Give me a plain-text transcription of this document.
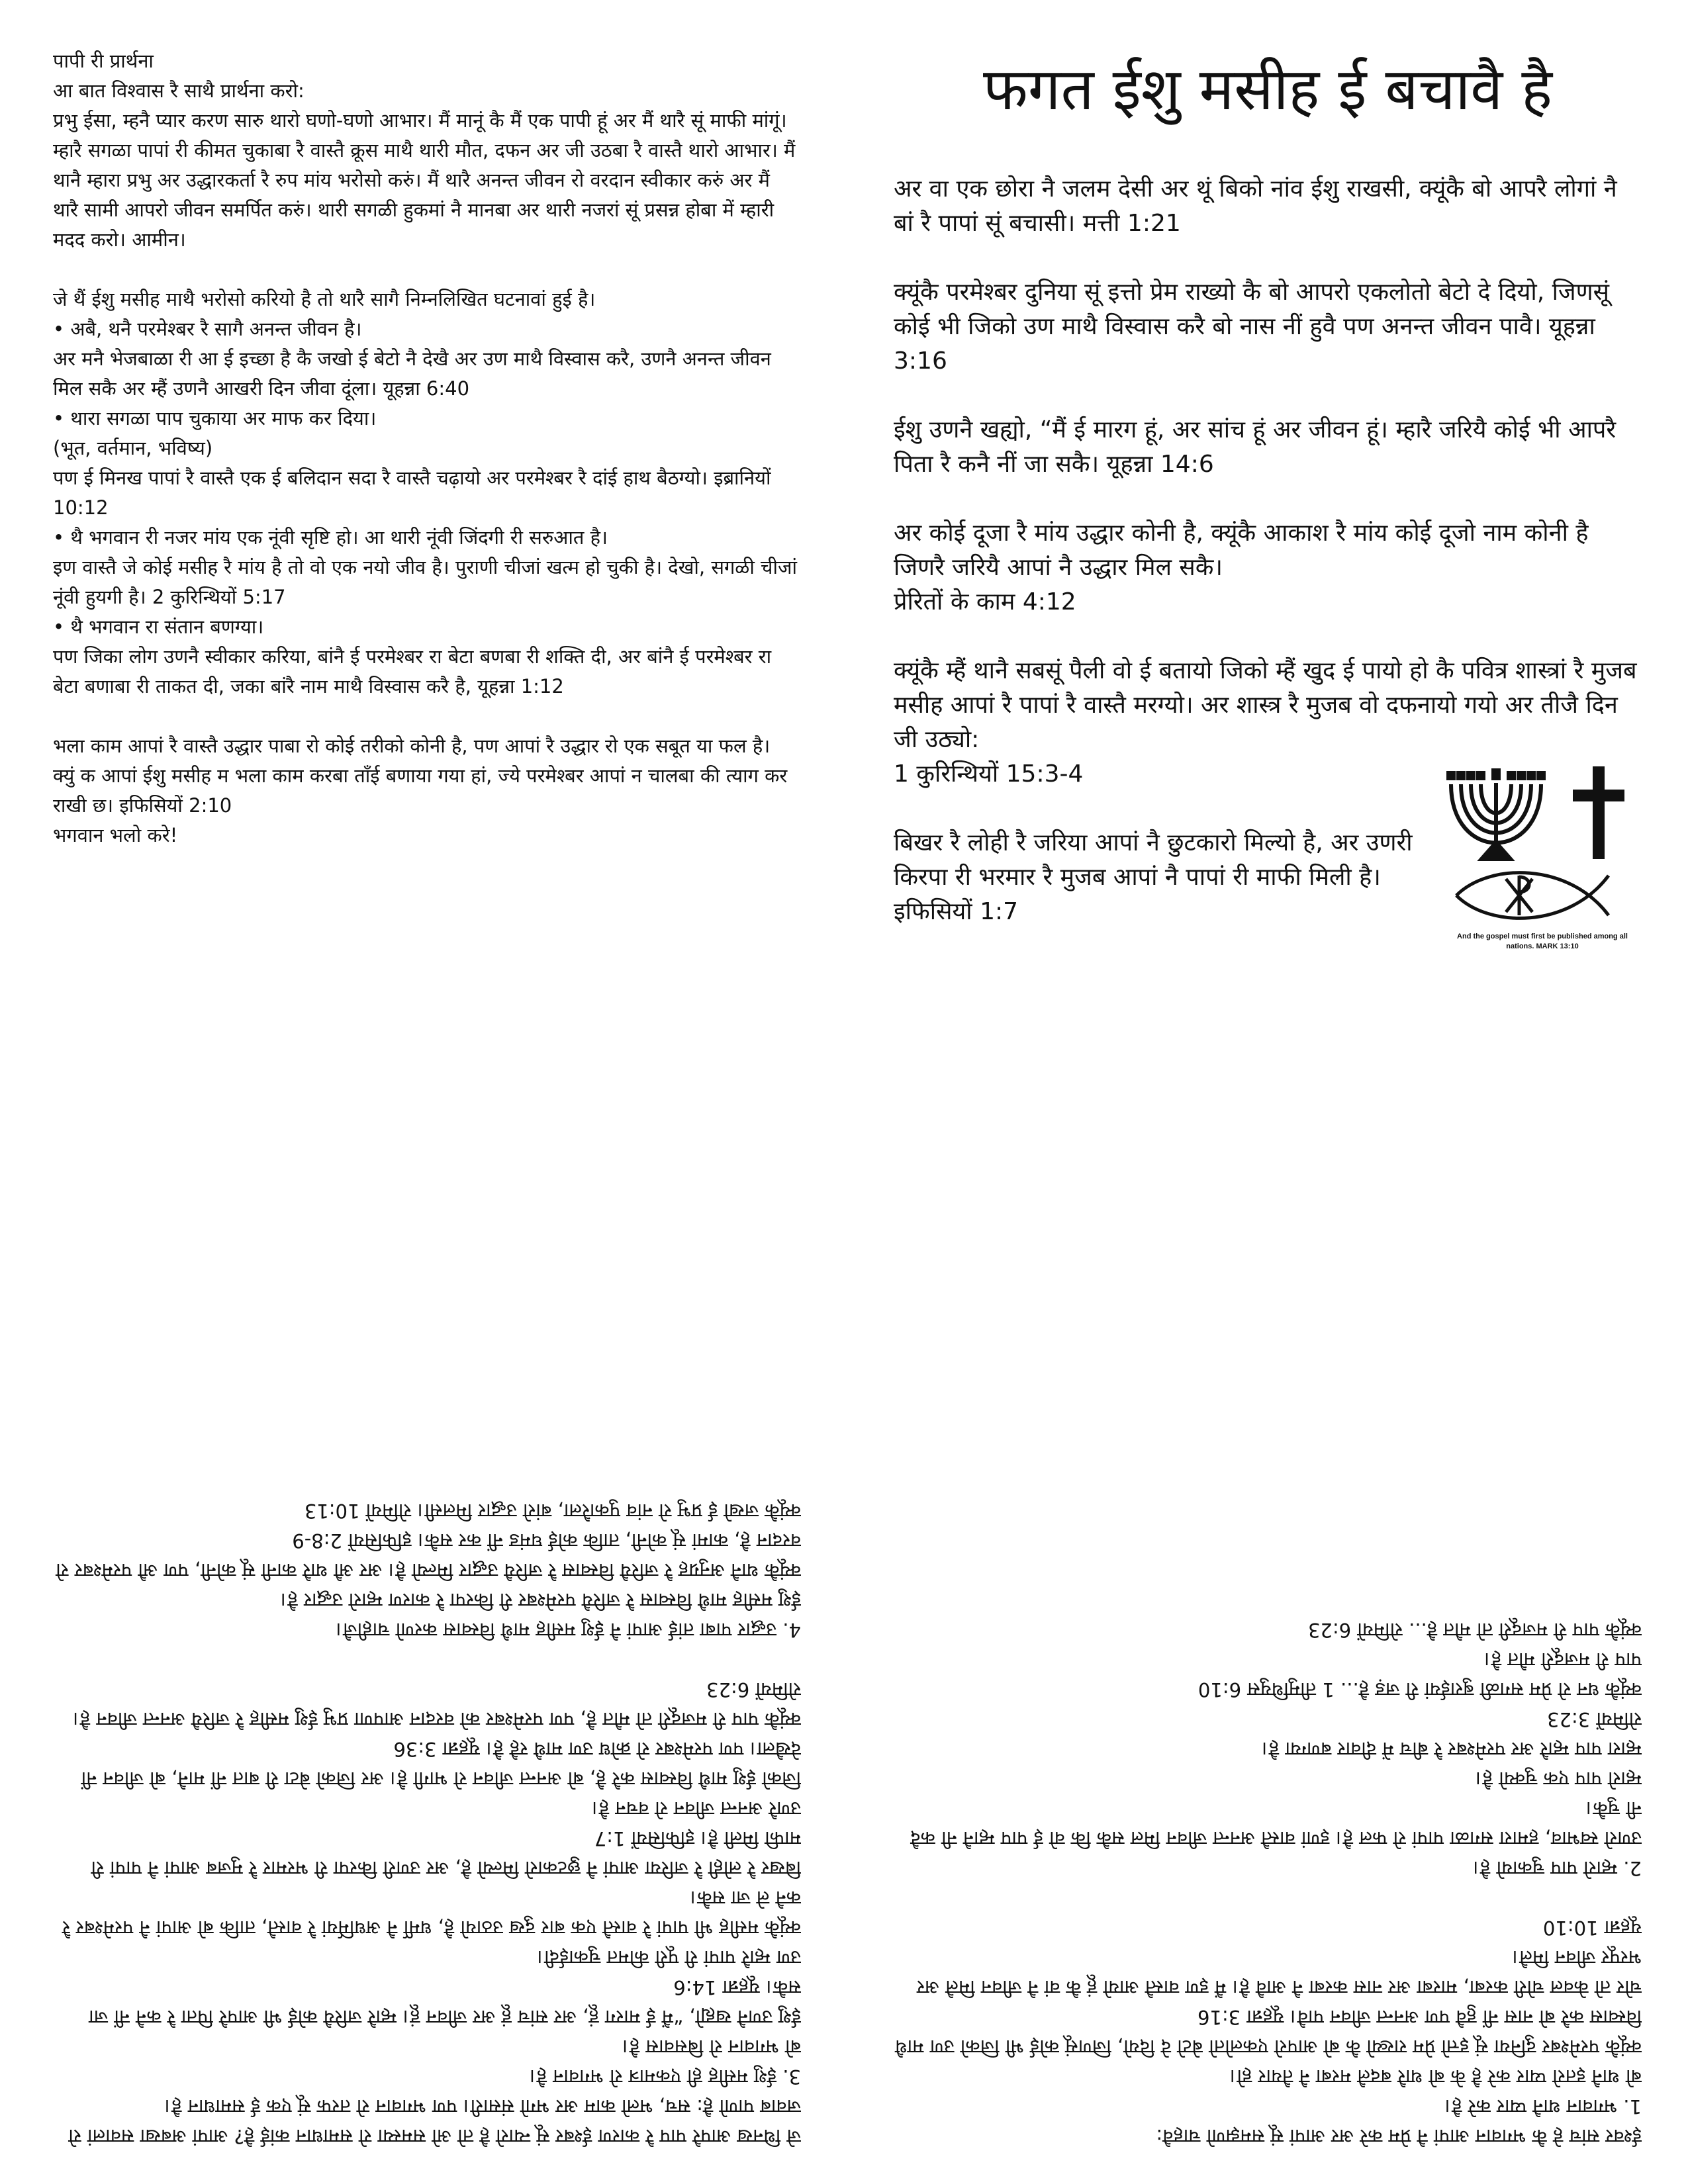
पापी री प्रार्थना

आ बात विश्वास रै साथै प्रार्थना करो:

प्रभु ईसा, म्हनै प्यार करण सारु थारो घणो-घणो आभार। मैं मानूं कै मैं एक पापी हूं अर मैं थारै सूं माफी मांगूं। म्हारै सगळा पापां री कीमत चुकाबा रै वास्तै क्रूस माथै थारी मौत, दफन अर जी उठबा रै वास्तै थारो आभार। मैं थानै म्हारा प्रभु अर उद्धारकर्ता रै रुप मांय भरोसो करुं। मैं थारै अनन्त जीवन रो वरदान स्वीकार करुं अर मैं थारै सामी आपरो जीवन समर्पित करुं। थारी सगळी हुकमां नै मानबा अर थारी नजरां सूं प्रसन्न होबा में म्हारी मदद करो। आमीन।

जे थैं ईशु मसीह माथै भरोसो करियो है तो थारै सागै निम्नलिखित घटनावां हुई है।

• अबै, थनै परमेश्बर रै सागै अनन्त जीवन है।

अर मनै भेजबाळा री आ ई इच्छा है कै जखो ई बेटो नै देखै अर उण माथै विस्वास करै, उणनै अनन्त जीवन मिल सकै अर म्हैं उणनै आखरी दिन जीवा दूंला। यूहन्ना 6:40

• थारा सगळा पाप चुकाया अर माफ कर दिया।

(भूत, वर्तमान, भविष्य)

पण ई मिनख पापां रै वास्तै एक ई बलिदान सदा रै वास्तै चढ़ायो अर परमेश्बर रै दांई हाथ बैठग्यो। इब्रानियों 10:12

• थै भगवान री नजर मांय एक नूंवी सृष्टि हो। आ थारी नूंवी जिंदगी री सरुआत है।

इण वास्तै जे कोई मसीह रै मांय है तो वो एक नयो जीव है। पुराणी चीजां खत्म हो चुकी है। देखो, सगळी चीजां नूंवी हुयगी है। 2 कुरिन्थियों 5:17

• थै भगवान रा संतान बणग्या।

पण जिका लोग उणनै स्वीकार करिया, बांनै ई परमेश्बर रा बेटा बणबा री शक्ति दी, अर बांनै ई परमेश्बर रा बेटा बणाबा री ताकत दी, जका बांरै नाम माथै विस्वास करै है, यूहन्ना 1:12

भला काम आपां रै वास्तै उद्धार पाबा रो कोई तरीको कोनी है, पण आपां रै उद्धार रो एक सबूत या फल है।

क्युं क आपां ईशु मसीह म भला काम करबा ताँई बणाया गया हां, ज्ये परमेश्बर आपां न चालबा की त्याग कर राखी छ। इफिसियों 2:10

भगवान भलो करे!

फगत ईशु मसीह ई बचावै है
अर वा एक छोरा नै जलम देसी अर थूं बिको नांव ईशु राखसी, क्यूंकै बो आपरै लोगां नै बां रै पापां सूं बचासी। मत्ती 1:21
क्यूंकै परमेश्बर दुनिया सूं इत्तो प्रेम राख्यो कै बो आपरो एकलोतो बेटो दे दियो, जिणसूं कोई भी जिको उण माथै विस्वास करै बो नास नीं हुवै पण अनन्त जीवन पावै। यूहन्ना 3:16
ईशु उणनै खह्यो, “मैं ई मारग हूं, अर सांच हूं अर जीवन हूं। म्हारै जरियै कोई भी आपरै पिता रै कनै नीं जा सकै। यूहन्ना 14:6
अर कोई दूजा रै मांय उद्धार कोनी है, क्यूंकै आकाश रै मांय कोई दूजो नाम कोनी है जिणरै जरियै आपां नै उद्धार मिल सकै।
प्रेरितों के काम 4:12
क्यूंकै म्हैं थानै सबसूं पैली वो ई बतायो जिको म्हैं खुद ई पायो हो कै पवित्र शास्त्रां रै मुजब मसीह आपां रै पापां रै वास्तै मरग्यो। अर शास्त्र रै मुजब वो दफनायो गयो अर तीजै दिन जी उठ्यो:
1 कुरिन्थियों 15:3-4
बिखर रै लोही रै जरिया आपां नै छुटकारो मिल्यो है, अर उणरी किरपा री भरमार रै मुजब आपां नै पापां री माफी मिली है। इफिसियों 1:7
And the gospel must first be published among all nations. MARK 13:10

जे थिनख आपरै पाप रै कारण ईश्बर सूं न्यारो है तो ओ समस्या रो समाधान कांई है? आपां अबखा सवालां रो जवाब पाणो है: सच, भलो काम अर भगो संसारी। पण भगवान रो तरफ सूं एक ई समाधान है।

3. ईशु मसीह ही एकमात्र रो भगवान है।

बो भगवान रो बिसवास है।

ईशु उणनै खह्यो, “मैं ई मारग हूं, अर सांच हूं अर जीवन हूं। म्हारै जरियै कोई भी आपरै पिता रै कनै नीं जा सकै। यूहन्ना 14:6

उण म्हारै पापां री पूरी कीमत चुकाईदी।

क्यूंकै मसीह भी पापां रै वास्तै एक बार दुख उठायो है, धर्मी नै अधर्मियां रै वास्तै, ताकि बो आपां नै परमेश्बर रै कनै ले जा सकै।

बिखर रै लोही रै जरिया आपां नै छुटकारो मिल्यो है, अर उणरी किरपा री भरमार रै मुजब आपां नै पापां री माफी मिली है। इफिसियों 1:7

उणरै अनन्त जीवन रो वचन है।

जिको ईशु माथै विस्वास करै है, बो अनन्त जीवन रो भागी है। अर जिको बेटा री बात नीं मानै, बो जीवन नीं देखैला। पण परमेश्बर रो क्रोध उण माथै रहै है। यूहन्ना 3:36

क्यूंकै पाप री मजदूरी तो मौत है, पण परमेश्बर को वरदान आपणा प्रभु ईशु मसीह रै जरियै अनन्त जीवन है। रोमियों 6:23

4. उद्धार पाबा तांई आपां नै ईशु मसीह माथै विस्वास करणो चाहीजै।

ईशु मसीह माथै विस्वास रै जरियै परमेश्बर री किरपा रै कारण म्हारो उद्धार है।

क्यूंकै थानै अनुग्रह रै जरियै विस्वास रै जरियै उद्धार मिल्यो है। अर औ थारै कानी सूं कोनी, पण औ परमेश्बर रो वरदान है, कामां सूं कोनी, ताकि कोई घमंड नीं कर सकै। इफिसियों 2:8-9

क्यूंकै जखो ई प्रभु रो नांव पुकारैला, बांरो उद्धार मिलसी। रोमियों 10:13

ईश्वर सांच हे कै भगवान आपां नै प्रेम करे अर आपां सूं समझणो चाहवै:

1. भगवान थानै प्यार करे है।

बो थानै इतरो प्यार करे है के बो थारै बदलै मरबा नै तैयार हो।

क्यूंकै परमेश्बर दुनिया सूं इत्तो प्रेम राख्यो कै बो आपरो एकलोतो बेटो दे दियो, जिणसूं कोई भी जिको उण माथै विस्वास करै बो नास नीं हुवै पण अनन्त जीवन पावै। यूहन्ना 3:16

चोर तो केवल चोरी करबा, मारबा अर नास करबा नै आवै है। मैं इण वास्तै आयो हूं कै वां नै जीवन मिलै अर भरपूर जीवन मिलै।

यूहन्ना 10:10

2. म्हारो पाप चुकायो है।

उणरो स्वभाव, हमारा सगळा पापां रो फल है। इणां वास्तै अनन्त जीवन मिल सकै कि वो ई पाप म्हानै नी कदै नी चुकै।

म्हारो पाप एक चुक्यो है।

म्हारा पाप म्हारै अर परमेश्बर रै बीच में दीवार बणग्या है।

रोमियों 3:23

क्यूंकै धन रो प्रेम सगळी बुराईयां री जड़ है... 1 तीमुथियुस 6:10

पाप री मजदूरी मौत है।

क्यूंकै पाप री मजदूरी तो मौत है... रोमियों 6:23
